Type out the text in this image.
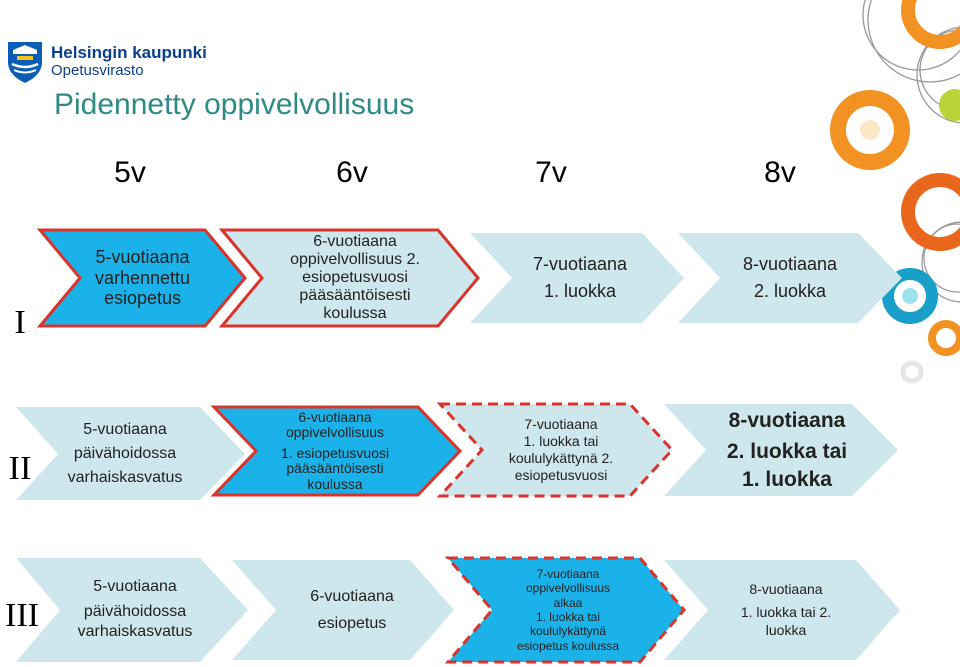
Helsingin kaupunki
Opetusvirasto
Pidennetty oppivelvollisuus
5v	6v	7v	8v
I
II
III
5-vuotiaana
varhennettu
esiopetus
6-vuotiaana
oppivelvollisuus 2.
esiopetusvuosi
pääsääntöisesti
koulussa
7-vuotiaana
1. luokka
8-vuotiaana
2. luokka
5-vuotiaana
päivähoidossa
varhaiskasvatus
6-vuotiaana
oppivelvollisuus
1. esiopetusvuosi
pääsääntöisesti
koulussa
7-vuotiaana
1. luokka tai
koululykättynä 2.
esiopetusvuosi
8-vuotiaana
2. luokka tai
1. luokka
5-vuotiaana
päivähoidossa
varhaiskasvatus
6-vuotiaana
esiopetus
7-vuotiaana
oppivelvollisuus
alkaa
1. luokka tai
koululykättynä
esiopetus koulussa
8-vuotiaana
1. luokka tai 2.
luokka
